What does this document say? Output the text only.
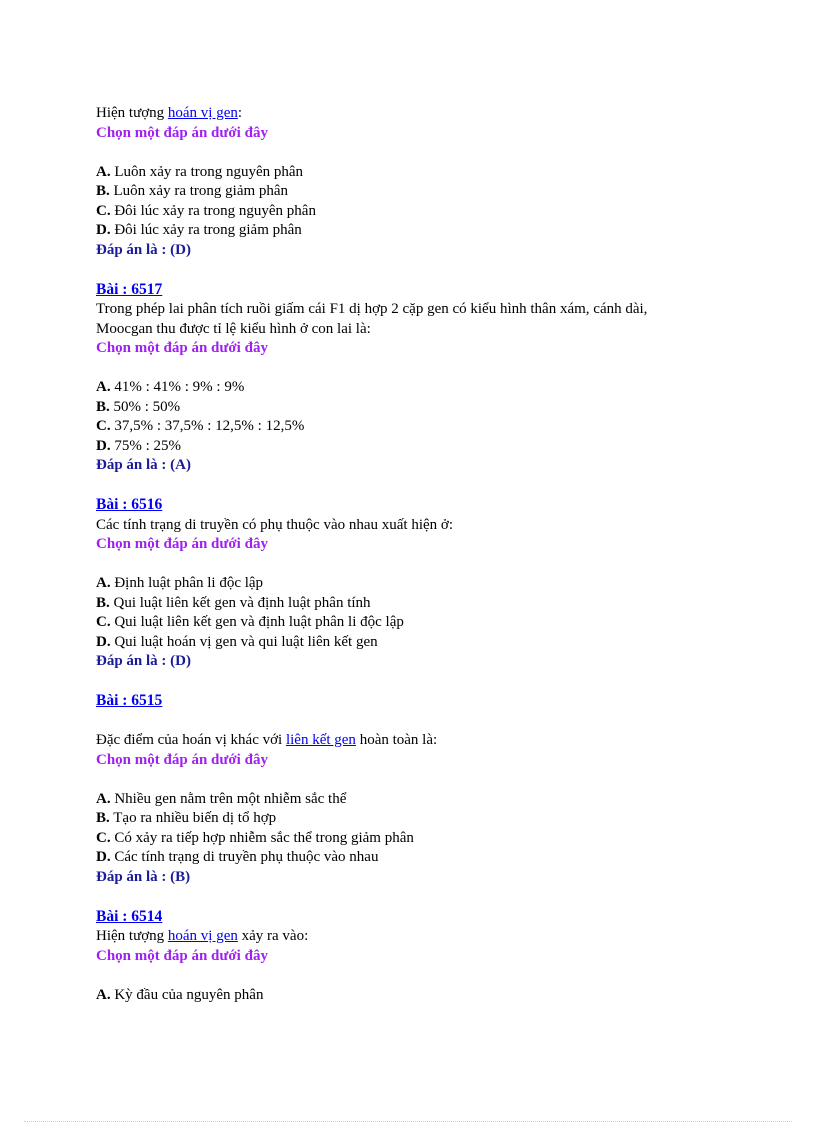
Hiện tượng hoán vị gen:
Chọn một đáp án dưới đây
A. Luôn xảy ra trong nguyên phân
B. Luôn xảy ra trong giảm phân
C. Đôi lúc xảy ra trong nguyên phân
D. Đôi lúc xảy ra trong giảm phân
Đáp án là : (D)
Bài : 6517
Trong phép lai phân tích ruồi giấm cái F1 dị hợp 2 cặp gen có kiểu hình thân xám, cánh dài,
Moocgan thu được tỉ lệ kiểu hình ở con lai là:
Chọn một đáp án dưới đây
A. 41% : 41% : 9% : 9%
B. 50% : 50%
C. 37,5% : 37,5% : 12,5% : 12,5%
D. 75% : 25%
Đáp án là : (A)
Bài : 6516
Các tính trạng di truyền có phụ thuộc vào nhau xuất hiện ở:
Chọn một đáp án dưới đây
A. Định luật phân li độc lập
B. Qui luật liên kết gen và định luật phân tính
C. Qui luật liên kết gen và định luật phân li độc lập
D. Qui luật hoán vị gen và qui luật liên kết gen
Đáp án là : (D)
Bài : 6515
Đặc điểm của hoán vị khác với liên kết gen hoàn toàn là:
Chọn một đáp án dưới đây
A. Nhiều gen nằm trên một nhiễm sắc thể
B. Tạo ra nhiều biến dị tổ hợp
C. Có xảy ra tiếp hợp nhiễm sắc thể trong giảm phân
D. Các tính trạng di truyền phụ thuộc vào nhau
Đáp án là : (B)
Bài : 6514
Hiện tượng hoán vị gen xảy ra vào:
Chọn một đáp án dưới đây
A. Kỳ đầu của nguyên phân
